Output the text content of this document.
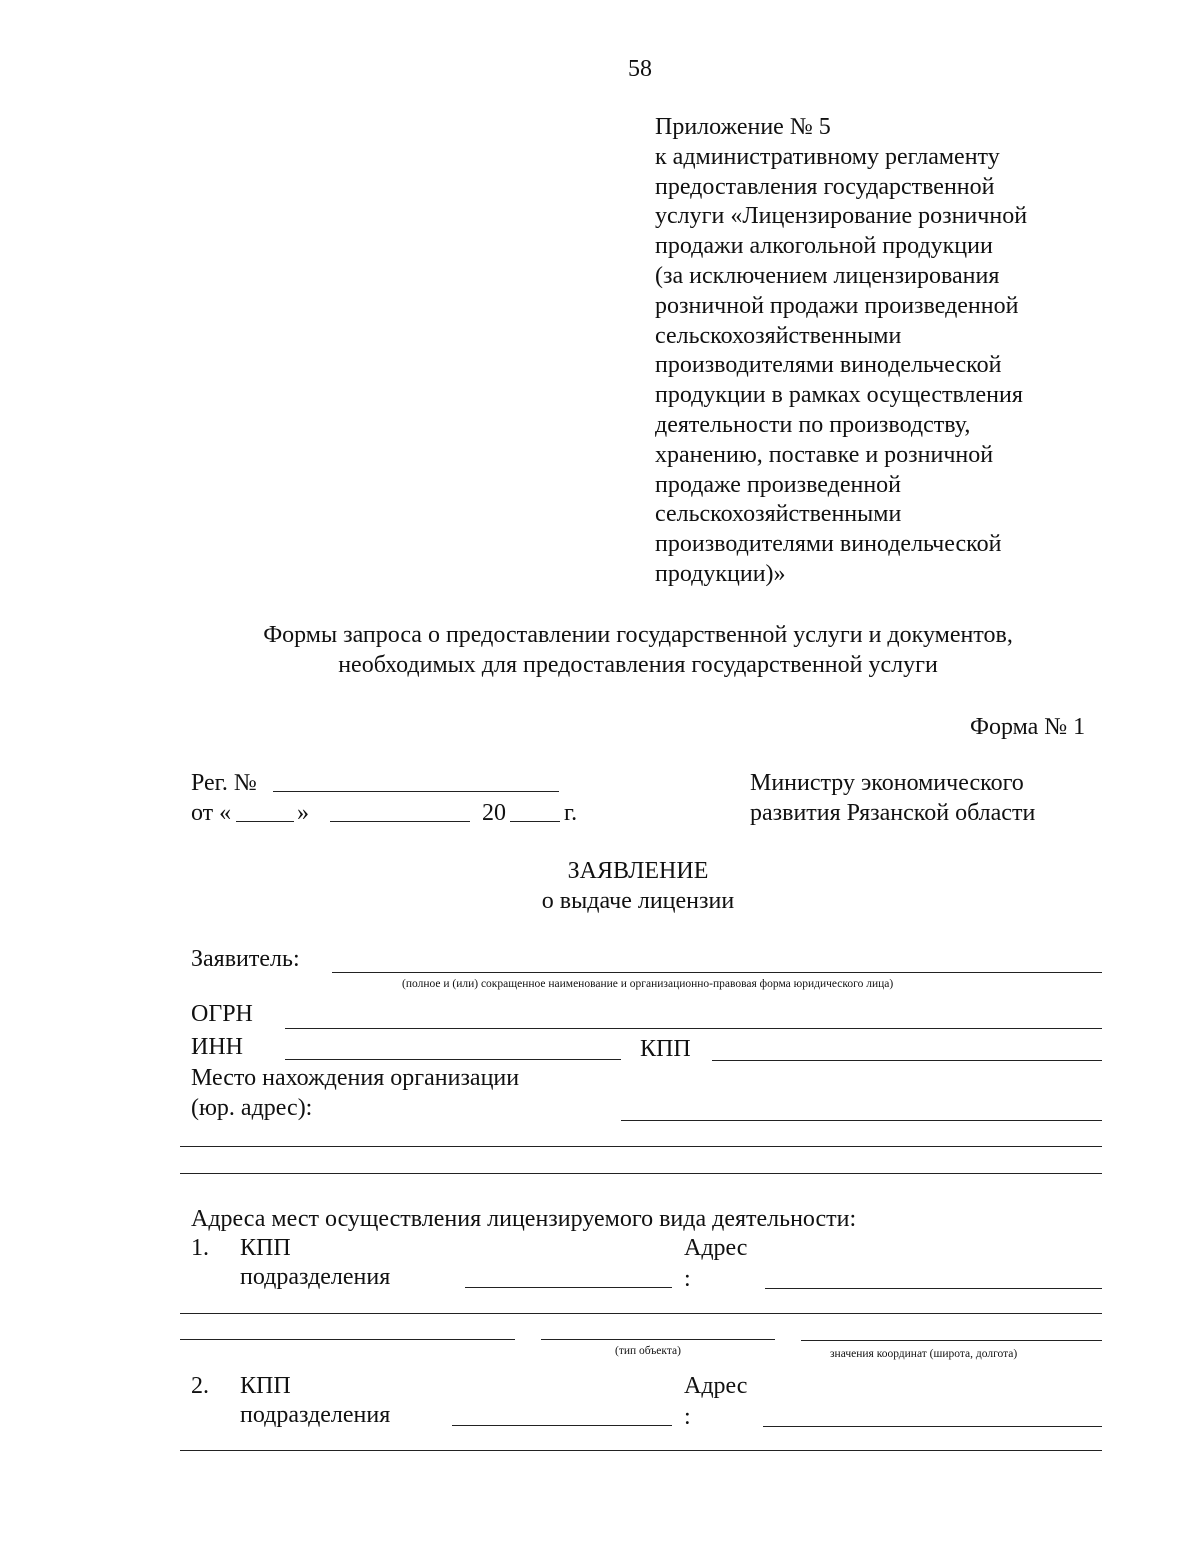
58
Приложение № 5
к административному регламенту
предоставления государственной
услуги «Лицензирование розничной
продажи алкогольной продукции
(за исключением лицензирования
розничной продажи произведенной
сельскохозяйственными
производителями винодельческой
продукции в рамках осуществления
деятельности по производству,
хранению, поставке и розничной
продаже произведенной
сельскохозяйственными
производителями винодельческой
продукции)»
Формы запроса о предоставлении государственной услуги и документов,
необходимых для предоставления государственной услуги
Форма № 1
Рег. №
от «	»	20 г.
Министру экономического
развития Рязанской области
ЗАЯВЛЕНИЕ
о выдаче лицензии
Заявитель:
(полное и (или) сокращенное наименование и организационно-правовая форма юридического лица)
ОГРН
ИНН	КПП
Место нахождения организации
(юр. адрес):
Адреса мест осуществления лицензируемого вида деятельности:
1. КПП
подразделения
Адрес
:
(тип объекта)	значения координат (широта, долгота)
2. КПП
подразделения
Адрес
:
